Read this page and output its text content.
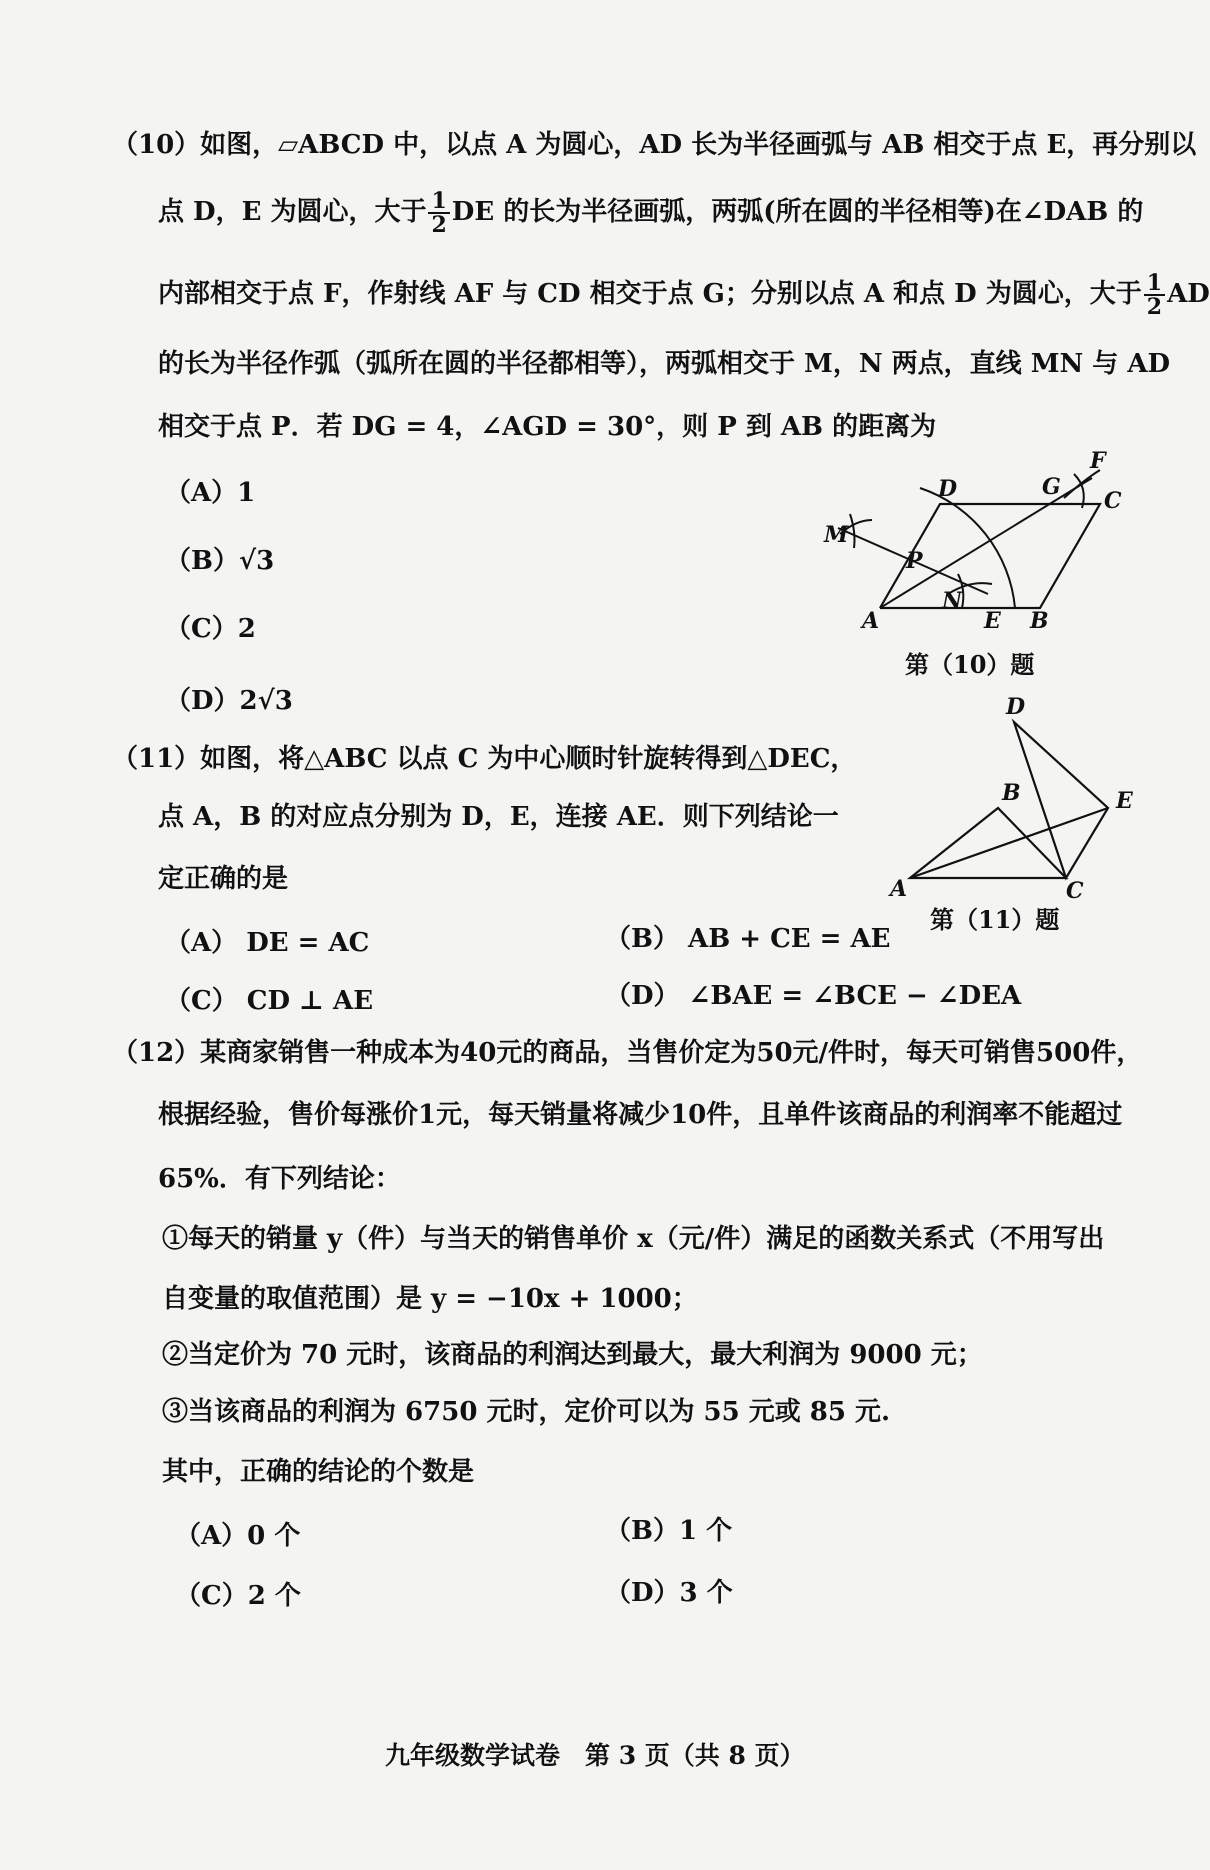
（10）如图，▱ABCD 中，以点 A 为圆心，AD 长为半径画弧与 AB 相交于点 E，再分别以
点 D，E 为圆心，大于 $\frac{1}{2}$ DE 的长为半径画弧，两弧(所在圆的半径相等)在∠DAB 的
内部相交于点 F，作射线 AF 与 CD 相交于点 G；分别以点 A 和点 D 为圆心，大于 $\frac{1}{2}$ AD
的长为半径作弧（弧所在圆的半径都相等），两弧相交于 M，N 两点，直线 MN 与 AD
相交于点 P．若 DG = 4，∠AGD = 30°，则 P 到 AB 的距离为
（A）1
（B）√3
（C）2
（D）2√3
D	G
F
C
M
P
N
A	E B
第（10）题
（11）如图，将△ABC 以点 C 为中心顺时针旋转得到△DEC，
点 A，B 的对应点分别为 D，E，连接 AE．则下列结论一
定正确的是
（A） DE = AC	（B） AB + CE = AE
（C） CD ⊥ AE	（D） ∠BAE = ∠BCE − ∠DEA
D
B	E
A	C
第（11）题
（12）某商家销售一种成本为40元的商品，当售价定为50元/件时，每天可销售500件，
根据经验，售价每涨价1元，每天销量将减少10件，且单件该商品的利润率不能超过
65%．有下列结论：
①每天的销量 y（件）与当天的销售单价 x（元/件）满足的函数关系式（不用写出
自变量的取值范围）是 y = −10x + 1000；
②当定价为 70 元时，该商品的利润达到最大，最大利润为 9000 元；
③当该商品的利润为 6750 元时，定价可以为 55 元或 85 元.
其中，正确的结论的个数是
（A）0 个	（B）1 个
（C）2 个	（D）3 个
九年级数学试卷　第 3 页（共 8 页）
